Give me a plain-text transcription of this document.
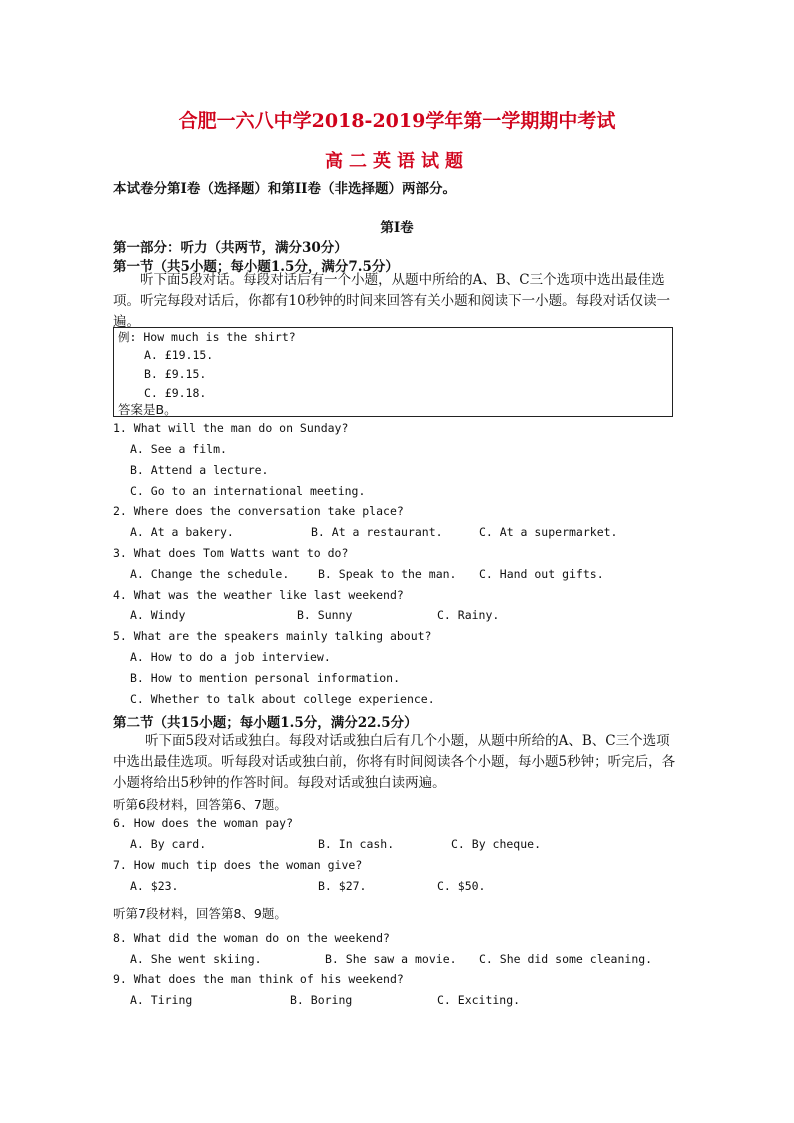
合肥一六八中学2018-2019学年第一学期期中考试
高二英语试题
本试卷分第Ⅰ卷（选择题）和第II卷（非选择题）两部分。
第Ⅰ卷
第一部分：听力（共两节，满分30分）
第一节（共5小题；每小题1.5分，满分7.5分）
听下面5段对话。每段对话后有一个小题，从题中所给的A、B、C三个选项中选出最佳选项。听完每段对话后，你都有10秒钟的时间来回答有关小题和阅读下一小题。每段对话仅读一遍。
例: How much is the shirt?
A. £19.15.
B. £9.15.
C. £9.18.
答案是B。
1. What will the man do on Sunday?
A. See a film.
B. Attend a lecture.
C. Go to an international meeting.
2. Where does the conversation take place?
A. At a bakery.	B. At a restaurant.	C. At a supermarket.
3. What does Tom Watts want to do?
A. Change the schedule.	B. Speak to the man. C. Hand out gifts.
4. What was the weather like last weekend?
A. Windy	B. Sunny	C. Rainy.
5. What are the speakers mainly talking about?
A. How to do a job interview.
B. How to mention personal information.
C. Whether to talk about college experience.
第二节（共15小题；每小题1.5分，满分22.5分）
听下面5段对话或独白。每段对话或独白后有几个小题，从题中所给的A、B、C三个选项中选出最佳选项。听每段对话或独白前，你将有时间阅读各个小题，每小题5秒钟；听完后，各小题将给出5秒钟的作答时间。每段对话或独白读两遍。
听第6段材料，回答第6、7题。
6. How does the woman pay?
A. By card.	B. In cash.	C. By cheque.
7. How much tip does the woman give?
A. $23.	B. $27.	C. $50.
听第7段材料，回答第8、9题。
8. What did the woman do on the weekend?
A. She went skiing.	B. She saw a movie. C. She did some cleaning.
9. What does the man think of his weekend?
A. Tiring	B. Boring	C. Exciting.
